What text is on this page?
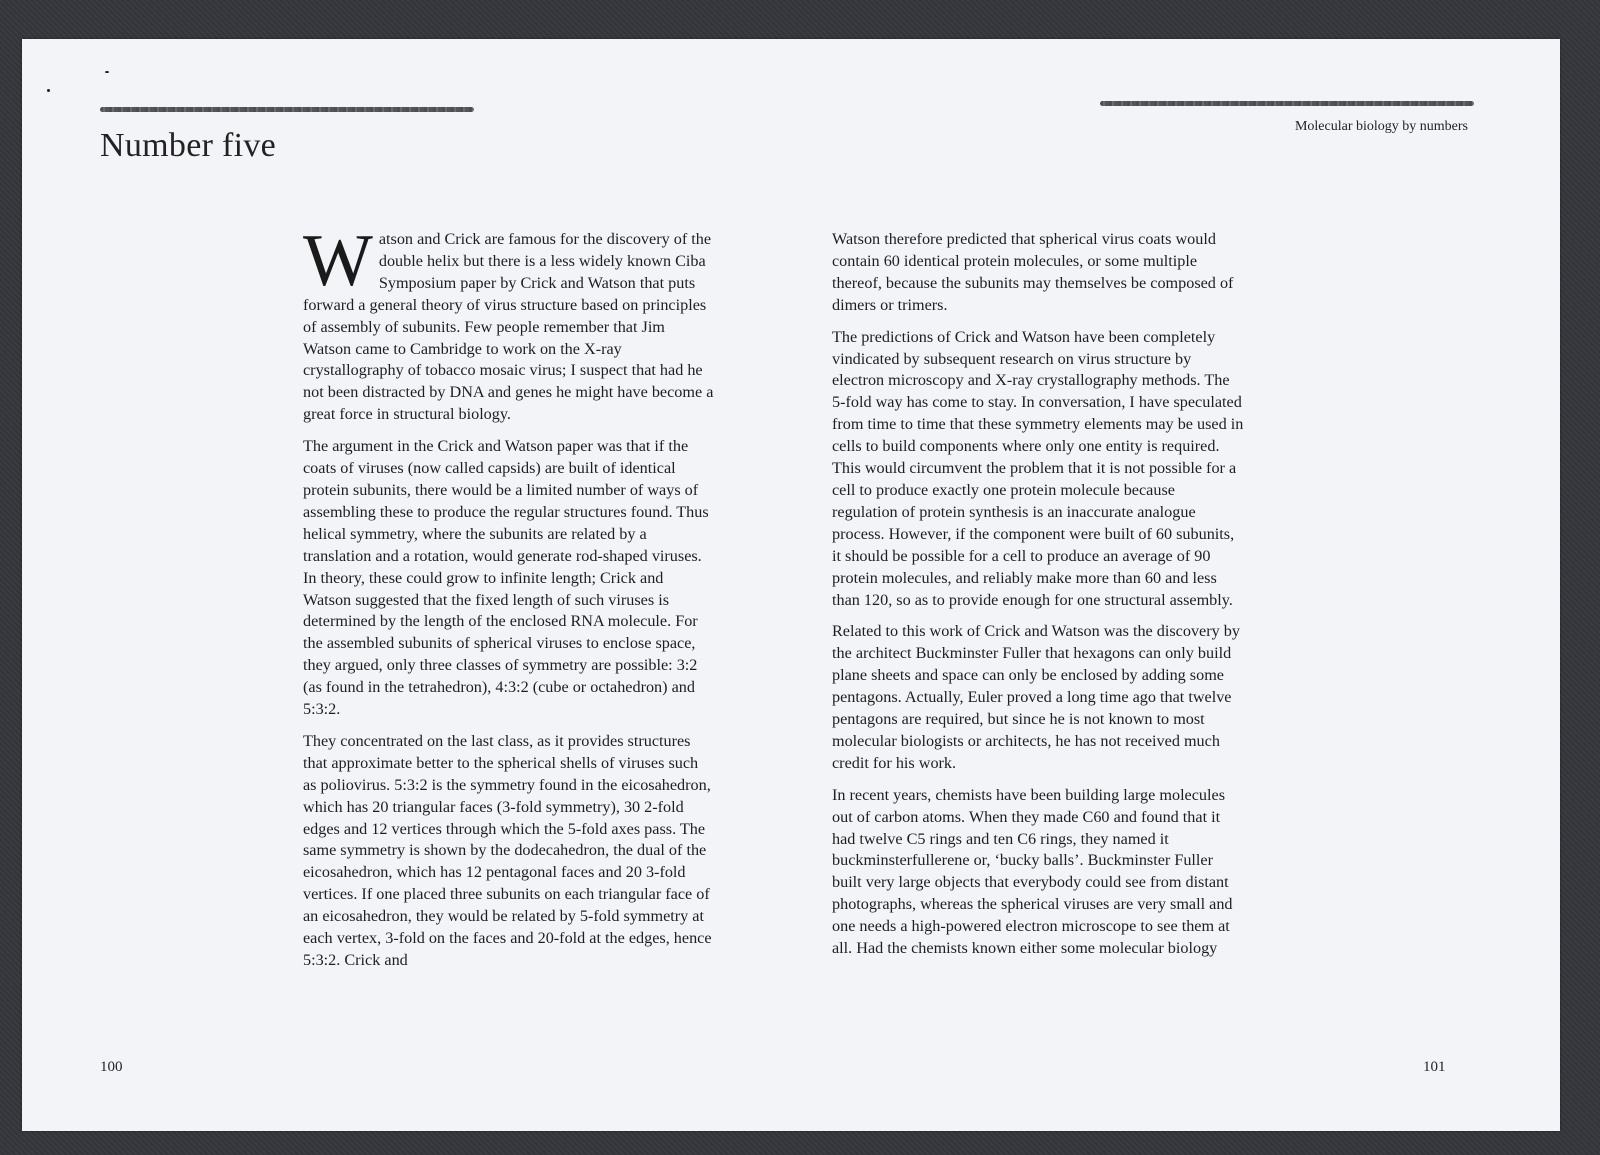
Number five
Molecular biology by numbers

Watson and Crick are famous for the discovery of the double helix but there is a less widely known Ciba Symposium paper by Crick and Watson that puts forward a general theory of virus structure based on principles of assembly of subunits. Few people remember that Jim Watson came to Cambridge to work on the X-ray crystallography of tobacco mosaic virus; I suspect that had he not been distracted by DNA and genes he might have become a great force in structural biology.

The argument in the Crick and Watson paper was that if the coats of viruses (now called capsids) are built of identical protein subunits, there would be a limited number of ways of assembling these to produce the regular structures found. Thus helical symmetry, where the subunits are related by a translation and a rotation, would generate rod-shaped viruses. In theory, these could grow to infinite length; Crick and Watson suggested that the fixed length of such viruses is determined by the length of the enclosed RNA molecule. For the assembled subunits of spherical viruses to enclose space, they argued, only three classes of symmetry are possible: 3:2 (as found in the tetrahedron), 4:3:2 (cube or octahedron) and 5:3:2.

They concentrated on the last class, as it provides structures that approximate better to the spherical shells of viruses such as poliovirus. 5:3:2 is the symmetry found in the eicosahedron, which has 20 triangular faces (3-fold symmetry), 30 2-fold edges and 12 vertices through which the 5-fold axes pass. The same symmetry is shown by the dodecahedron, the dual of the eicosahedron, which has 12 pentagonal faces and 20 3-fold vertices. If one placed three subunits on each triangular face of an eicosahedron, they would be related by 5-fold symmetry at each vertex, 3-fold on the faces and 20-fold at the edges, hence 5:3:2. Crick and

Watson therefore predicted that spherical virus coats would contain 60 identical protein molecules, or some multiple thereof, because the subunits may themselves be composed of dimers or trimers.

The predictions of Crick and Watson have been completely vindicated by subsequent research on virus structure by electron microscopy and X-ray crystallography methods. The 5-fold way has come to stay. In conversation, I have speculated from time to time that these symmetry elements may be used in cells to build components where only one entity is required. This would circumvent the problem that it is not possible for a cell to produce exactly one protein molecule because regulation of protein synthesis is an inaccurate analogue process. However, if the component were built of 60 subunits, it should be possible for a cell to produce an average of 90 protein molecules, and reliably make more than 60 and less than 120, so as to provide enough for one structural assembly.

Related to this work of Crick and Watson was the discovery by the architect Buckminster Fuller that hexagons can only build plane sheets and space can only be enclosed by adding some pentagons. Actually, Euler proved a long time ago that twelve pentagons are required, but since he is not known to most molecular biologists or architects, he has not received much credit for his work.

In recent years, chemists have been building large molecules out of carbon atoms. When they made C60 and found that it had twelve C5 rings and ten C6 rings, they named it buckminsterfullerene or, ‘bucky balls’. Buckminster Fuller built very large objects that everybody could see from distant photographs, whereas the spherical viruses are very small and one needs a high-powered electron microscope to see them at all. Had the chemists known either some molecular biology

100	101
